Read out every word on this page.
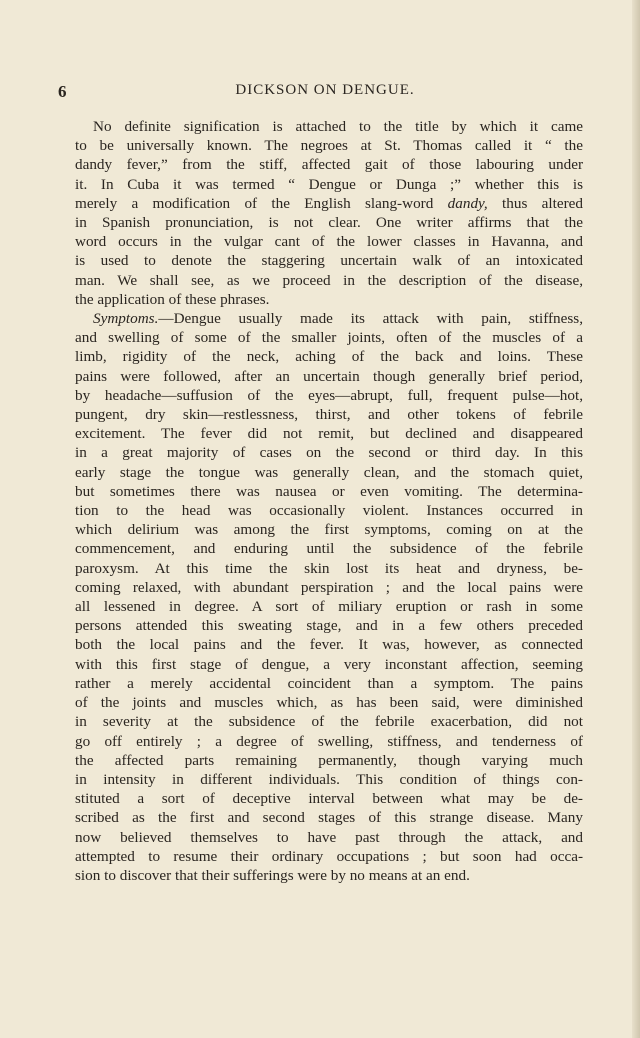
6	DICKSON ON DENGUE.
No definite signification is attached to the title by which it came
to be universally known. The negroes at St. Thomas called it “ the
dandy fever,” from the stiff, affected gait of those labouring under
it. In Cuba it was termed “ Dengue or Dunga ;” whether this is
merely a modification of the English slang-word dandy, thus altered
in Spanish pronunciation, is not clear. One writer affirms that the
word occurs in the vulgar cant of the lower classes in Havanna, and
is used to denote the staggering uncertain walk of an intoxicated
man. We shall see, as we proceed in the description of the disease,
the application of these phrases.
Symptoms.—Dengue usually made its attack with pain, stiffness,
and swelling of some of the smaller joints, often of the muscles of a
limb, rigidity of the neck, aching of the back and loins. These
pains were followed, after an uncertain though generally brief period,
by headache—suffusion of the eyes—abrupt, full, frequent pulse—hot,
pungent, dry skin—restlessness, thirst, and other tokens of febrile
excitement. The fever did not remit, but declined and disappeared
in a great majority of cases on the second or third day. In this
early stage the tongue was generally clean, and the stomach quiet,
but sometimes there was nausea or even vomiting. The determina-
tion to the head was occasionally violent. Instances occurred in
which delirium was among the first symptoms, coming on at the
commencement, and enduring until the subsidence of the febrile
paroxysm. At this time the skin lost its heat and dryness, be-
coming relaxed, with abundant perspiration ; and the local pains were
all lessened in degree. A sort of miliary eruption or rash in some
persons attended this sweating stage, and in a few others preceded
both the local pains and the fever. It was, however, as connected
with this first stage of dengue, a very inconstant affection, seeming
rather a merely accidental coincident than a symptom. The pains
of the joints and muscles which, as has been said, were diminished
in severity at the subsidence of the febrile exacerbation, did not
go off entirely ; a degree of swelling, stiffness, and tenderness of
the affected parts remaining permanently, though varying much
in intensity in different individuals. This condition of things con-
stituted a sort of deceptive interval between what may be de-
scribed as the first and second stages of this strange disease. Many
now believed themselves to have past through the attack, and
attempted to resume their ordinary occupations ; but soon had occa-
sion to discover that their sufferings were by no means at an end.
